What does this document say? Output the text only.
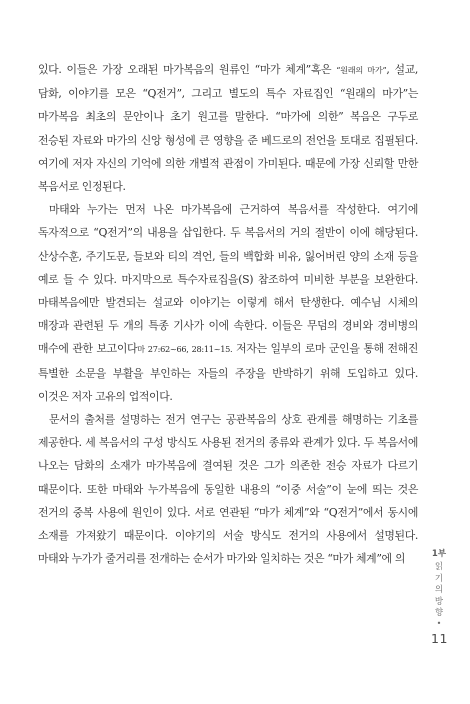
있다. 이들은 가장 오래된 마가복음의 원류인 “마가 체계”혹은 “원래의 마가”, 설교, 담화, 이야기를 모은 “Q전거”, 그리고 별도의 특수 자료집인 “원래의 마가”는 마가복음 최초의 문안이나 초기 원고를 말한다. “마가에 의한” 복음은 구두로 전승된 자료와 마가의 신앙 형성에 큰 영향을 준 베드로의 전언을 토대로 집필된다. 여기에 저자 자신의 기억에 의한 개별적 관점이 가미된다. 때문에 가장 신뢰할 만한 복음서로 인정된다.

마태와 누가는 먼저 나온 마가복음에 근거하여 복음서를 작성한다. 여기에 독자적으로 “Q전거”의 내용을 삽입한다. 두 복음서의 거의 절반이 이에 해당된다. 산상수훈, 주기도문, 들보와 티의 격언, 들의 백합화 비유, 잃어버린 양의 소재 등을 예로 들 수 있다. 마지막으로 특수자료집을(S) 참조하여 미비한 부분을 보완한다. 마태복음에만 발견되는 설교와 이야기는 이렇게 해서 탄생한다. 예수님 시체의 매장과 관련된 두 개의 특종 기사가 이에 속한다. 이들은 무덤의 경비와 경비병의 매수에 관한 보고이다마 27:62~66, 28:11~15. 저자는 일부의 로마 군인을 통해 전해진 특별한 소문을 부활을 부인하는 자들의 주장을 반박하기 위해 도입하고 있다. 이것은 저자 고유의 업적이다.

문서의 출처를 설명하는 전거 연구는 공관복음의 상호 관계를 해명하는 기초를 제공한다. 세 복음서의 구성 방식도 사용된 전거의 종류와 관계가 있다. 두 복음서에 나오는 담화의 소재가 마가복음에 결여된 것은 그가 의존한 전승 자료가 다르기 때문이다. 또한 마태와 누가복음에 동일한 내용의 “이중 서술”이 눈에 띄는 것은 전거의 중복 사용에 원인이 있다. 서로 연관된 “마가 체계”와 “Q전거”에서 동시에 소재를 가져왔기 때문이다. 이야기의 서술 방식도 전거의 사용에서 설명된다. 마태와 누가가 줄거리를 전개하는 순서가 마가와 일치하는 것은 “마가 체계”에 의	1부
읽기의 방향
•
11
